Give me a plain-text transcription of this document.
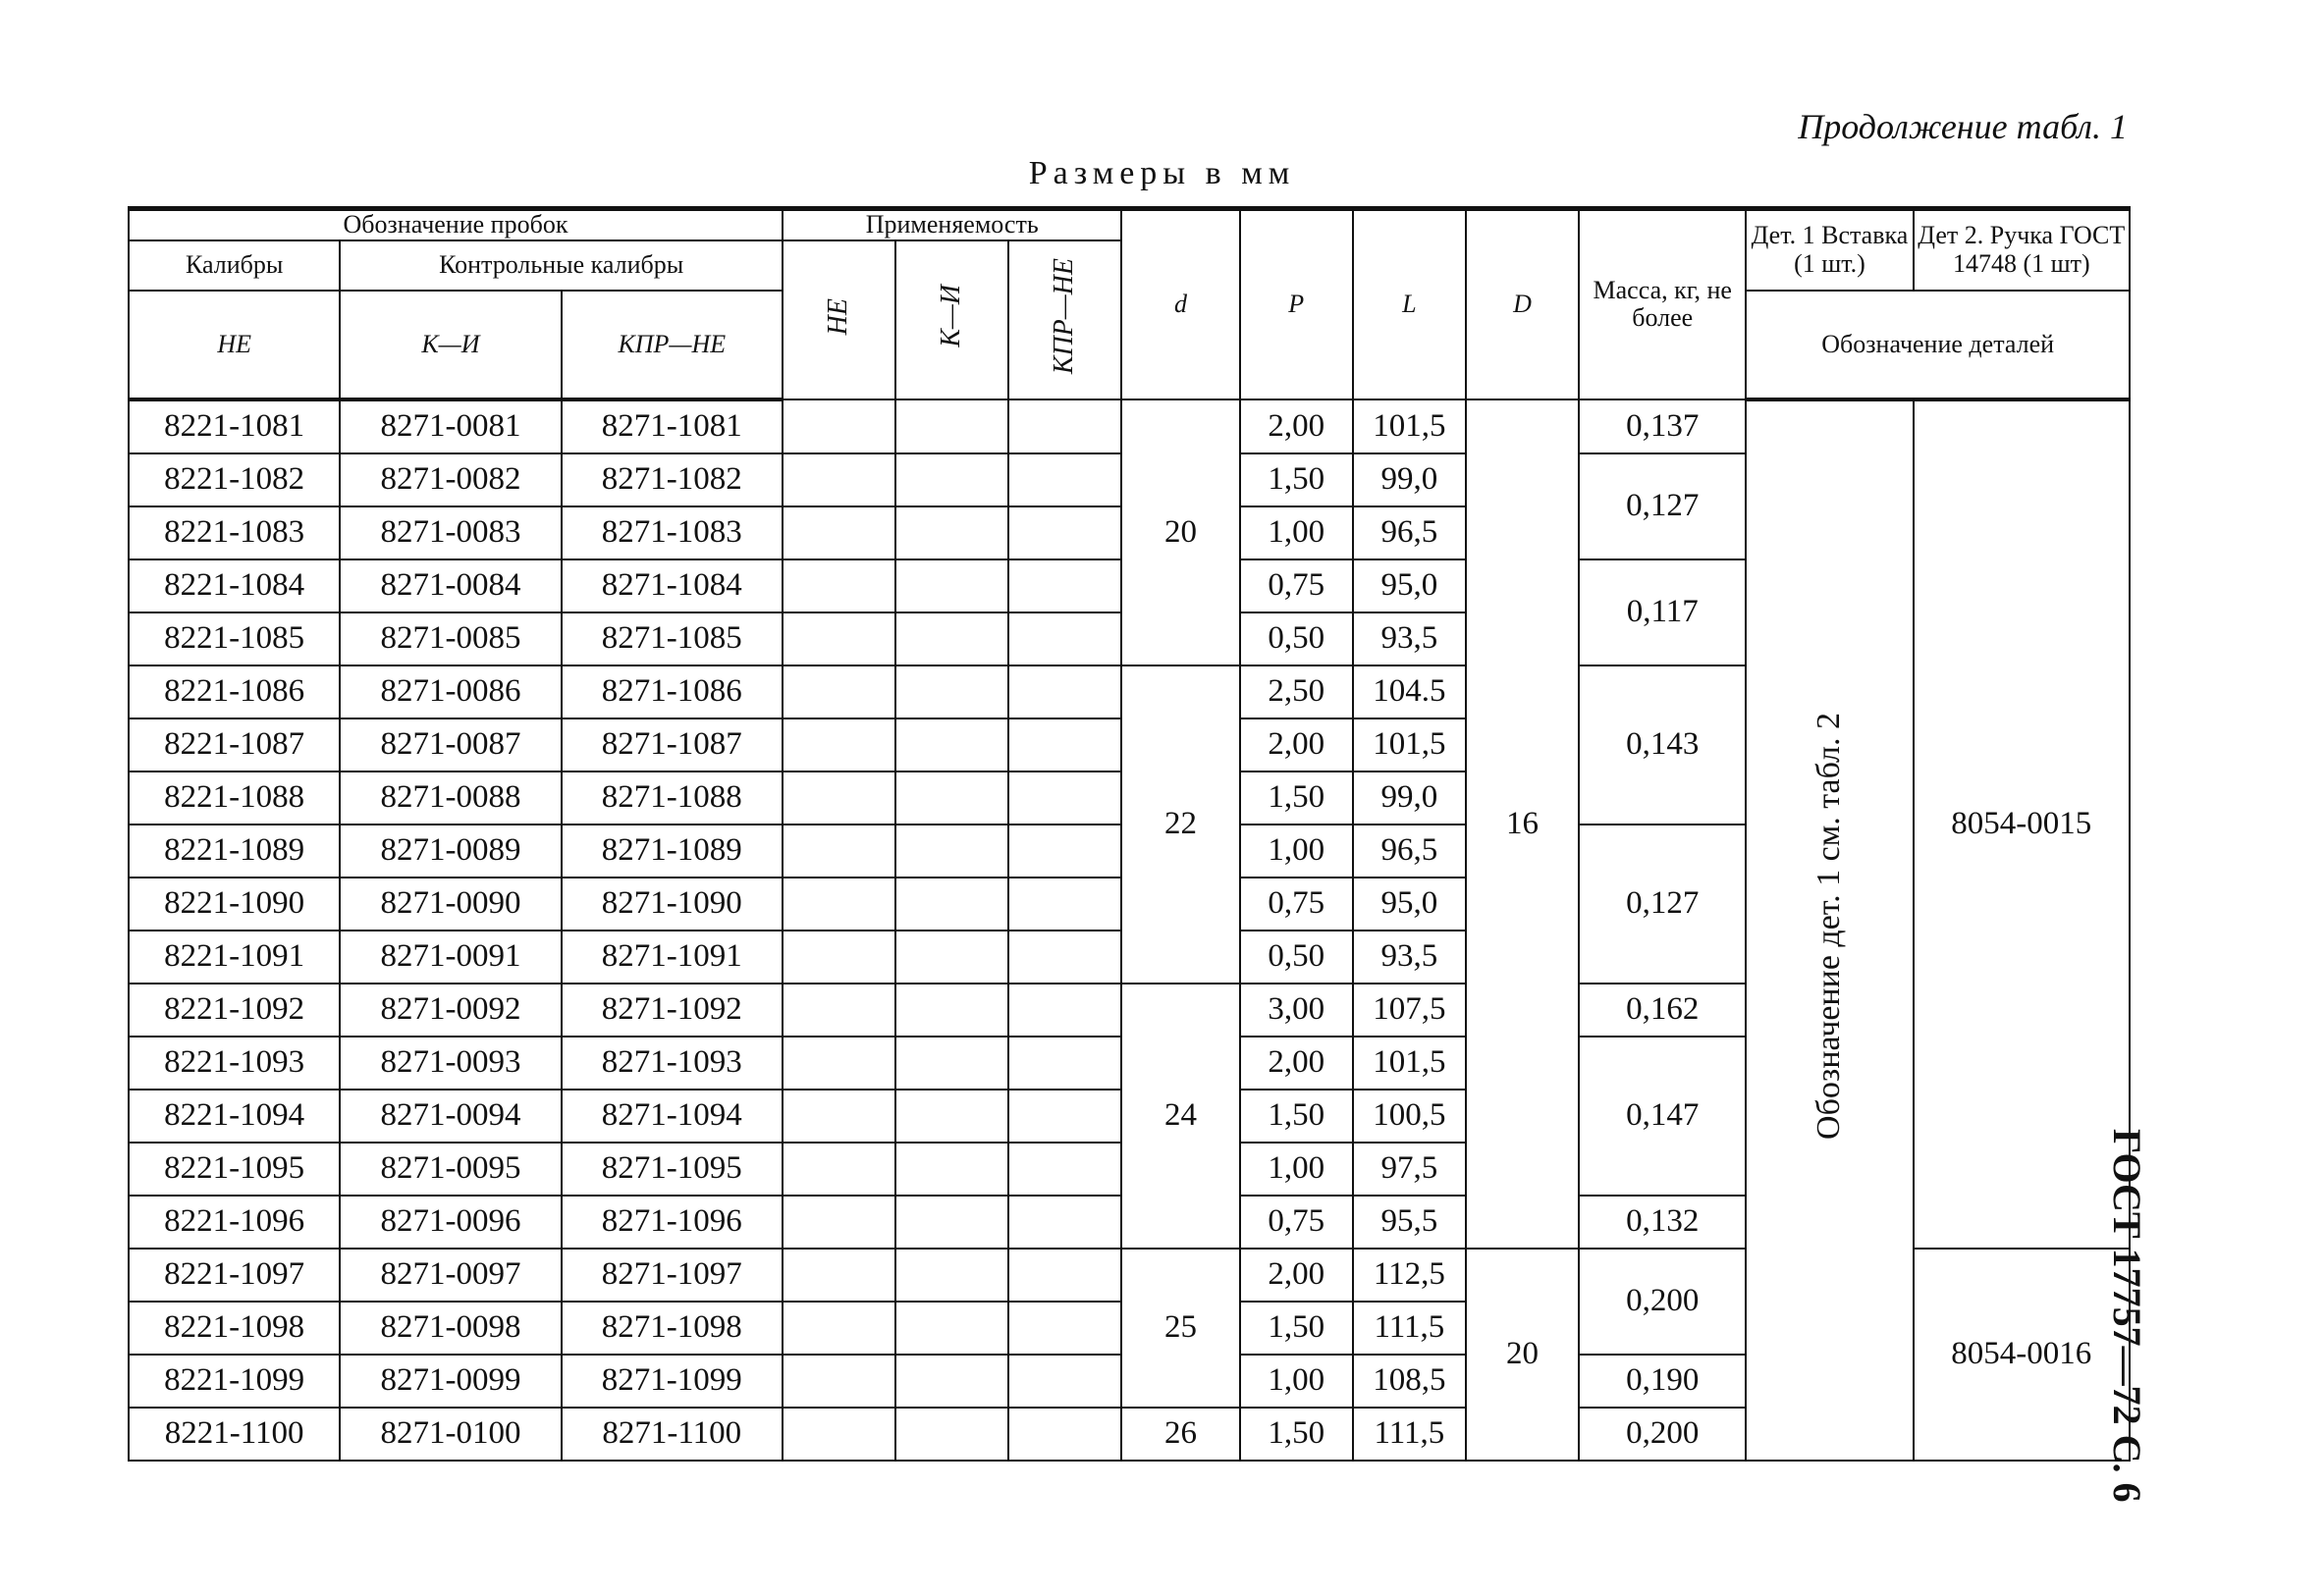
Продолжение табл. 1
Размеры в мм
ГОСТ 17757—72 С. 6
Обозначение пробок			Применяемость			d	P	L	D	Масса, кг, не более	Дет. 1 Вставка (1 шт.)	Дет 2. Ручка ГОСТ 14748 (1 шт)
Калибры	Контрольные калибры		НЕ	К—И	КПР—НЕ							
НЕ	К—И	КПР—НЕ									Обозначение деталей	
8221-1081	8271-0081	8271-1081				20	2,00	101,5	16	0,137	Обозначение дет. 1 см. табл. 2	8054-0015
8221-1082	8271-0082	8271-1082					1,50	99,0		0,127		
8221-1083	8271-0083	8271-1083					1,00	96,5				
8221-1084	8271-0084	8271-1084					0,75	95,0		0,117		
8221-1085	8271-0085	8271-1085					0,50	93,5				
8221-1086	8271-0086	8271-1086				22	2,50	104.5		0,143		
8221-1087	8271-0087	8271-1087					2,00	101,5				
8221-1088	8271-0088	8271-1088					1,50	99,0				
8221-1089	8271-0089	8271-1089					1,00	96,5		0,127		
8221-1090	8271-0090	8271-1090					0,75	95,0				
8221-1091	8271-0091	8271-1091					0,50	93,5				
8221-1092	8271-0092	8271-1092				24	3,00	107,5		0,162		
8221-1093	8271-0093	8271-1093					2,00	101,5		0,147		
8221-1094	8271-0094	8271-1094					1,50	100,5				
8221-1095	8271-0095	8271-1095					1,00	97,5				
8221-1096	8271-0096	8271-1096					0,75	95,5		0,132		
8221-1097	8271-0097	8271-1097				25	2,00	112,5	20	0,200		8054-0016
8221-1098	8271-0098	8271-1098					1,50	111,5				
8221-1099	8271-0099	8271-1099					1,00	108,5		0,190		
8221-1100	8271-0100	8271-1100				26	1,50	111,5		0,200		
